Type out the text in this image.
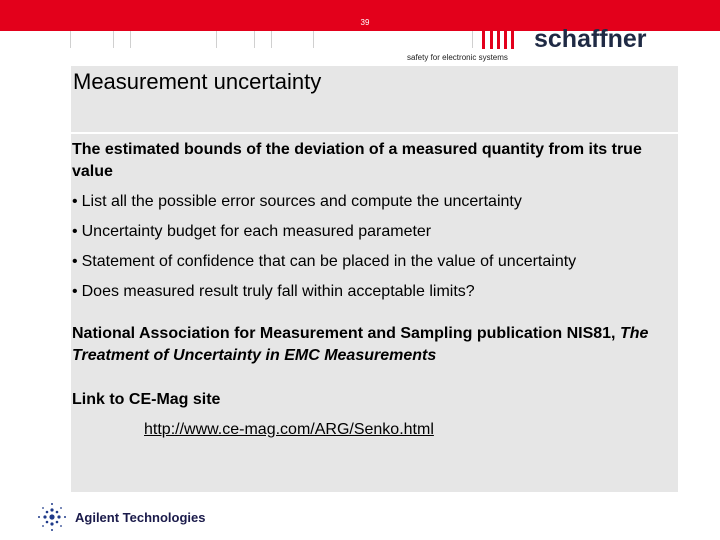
39
schaffner
safety for electronic systems
Measurement uncertainty

The estimated bounds of the deviation of a measured quantity from its true value

• List all the possible error sources and compute the uncertainty

• Uncertainty budget for each measured parameter

• Statement of confidence that can be placed in the value of uncertainty

• Does measured result truly fall within acceptable limits?

National Association for Measurement and Sampling publication NIS81, The Treatment of Uncertainty in EMC Measurements

Link to CE-Mag site

http://www.ce-mag.com/ARG/Senko.html
Agilent Technologies
